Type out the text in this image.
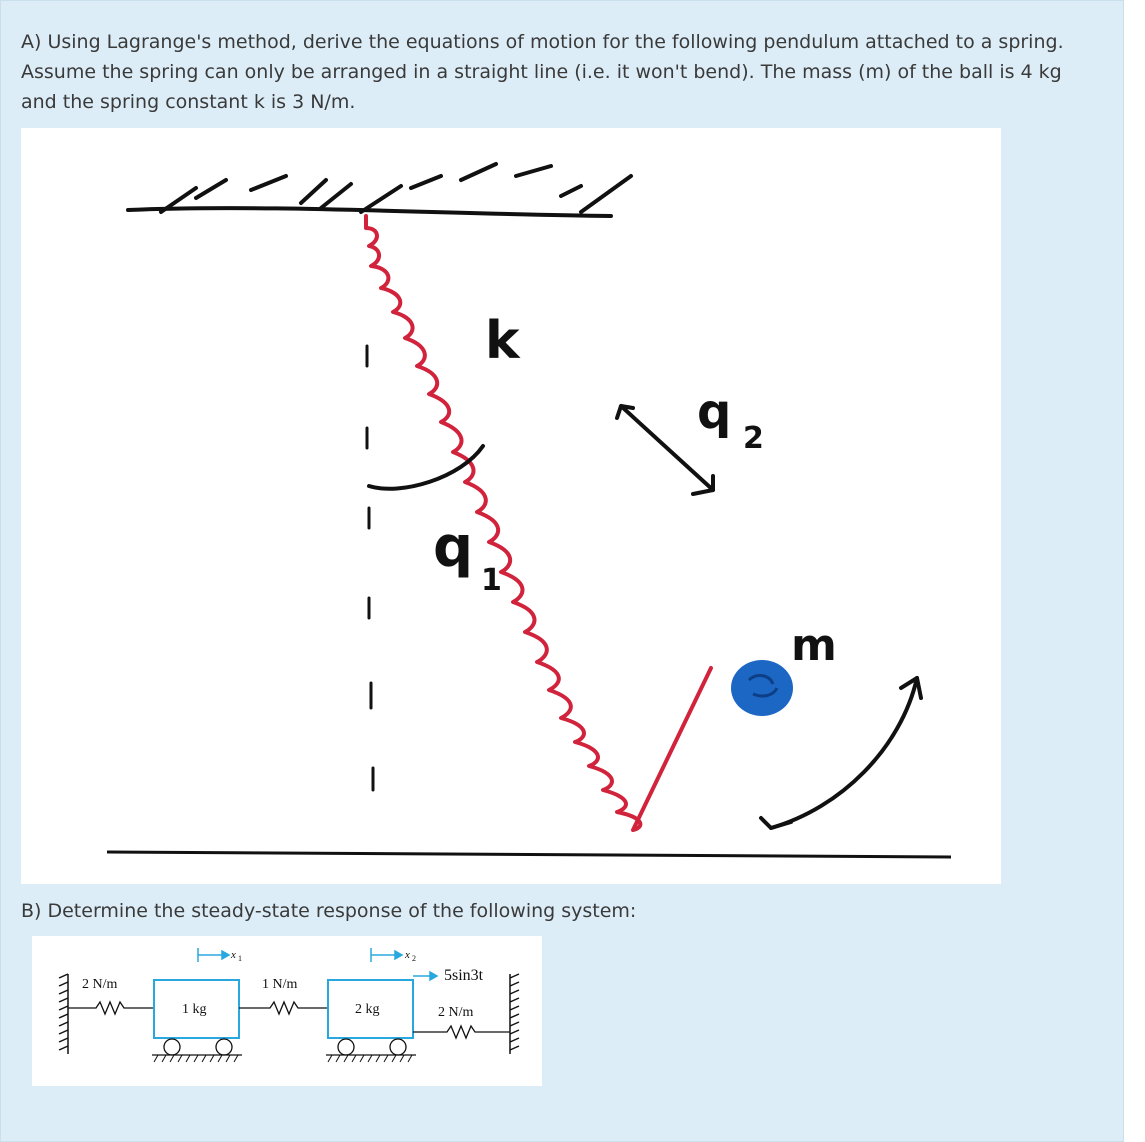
A) Using Lagrange's method, derive the equations of motion for the following pendulum attached to a spring. Assume the spring can only be arranged in a straight line (i.e. it won't bend). The mass (m) of the ball is 4 kg and the spring constant k is 3 N/m.

k
q 2
q
1
m

B) Determine the steady-state response of the following system:

2 N/m
1 kg
x 1
1 N/m
2 kg
x 2
5sin3t
2 N/m
